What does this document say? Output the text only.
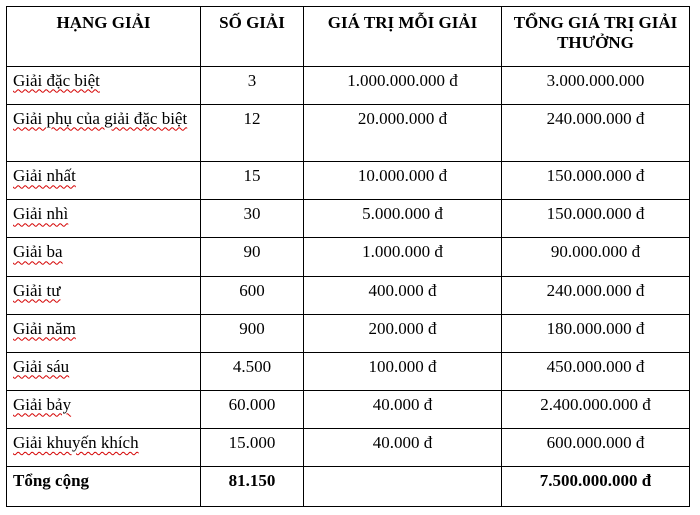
HẠNG GIẢI	SỐ GIẢI	GIÁ TRỊ MỖI GIẢI	TỔNG GIÁ TRỊ GIẢI THƯỞNG
Giải đặc biệt	3	1.000.000.000 đ	3.000.000.000
Giải phụ của giải đặc biệt	12	20.000.000 đ	240.000.000 đ
Giải nhất	15	10.000.000 đ	150.000.000 đ
Giải nhì	30	5.000.000 đ	150.000.000 đ
Giải ba	90	1.000.000 đ	90.000.000 đ
Giải tư	600	400.000 đ	240.000.000 đ
Giải năm	900	200.000 đ	180.000.000 đ
Giải sáu	4.500	100.000 đ	450.000.000 đ
Giải bảy	60.000	40.000 đ	2.400.000.000 đ
Giải khuyến khích	15.000	40.000 đ	600.000.000 đ
Tổng cộng	81.150		7.500.000.000 đ
